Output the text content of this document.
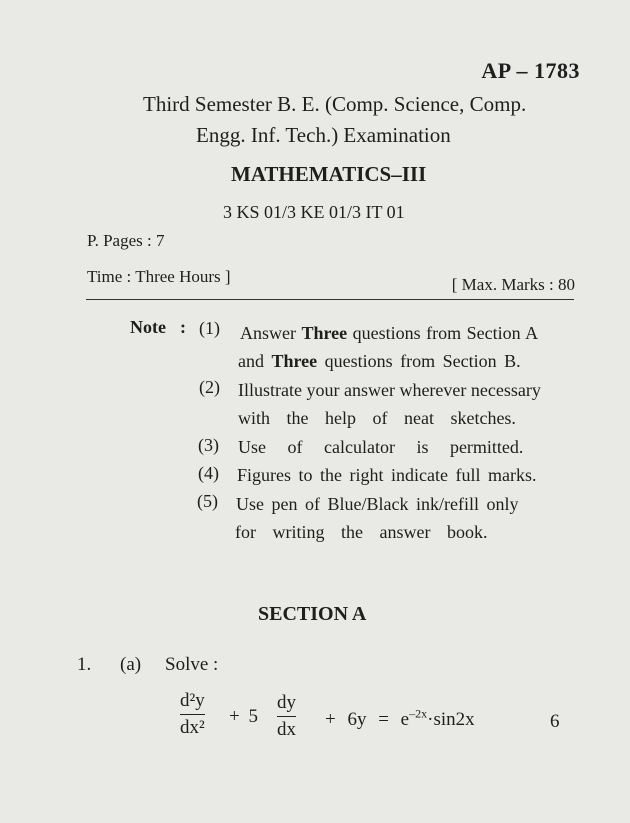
AP – 1783
Third Semester B. E. (Comp. Science, Comp.
Engg. Inf. Tech.) Examination
MATHEMATICS–III
3 KS 01/3 KE 01/3 IT 01
P. Pages : 7
Time : Three Hours ]	[ Max. Marks : 80
Note : (1) Answer Three questions from Section A
and Three questions from Section B.
(2) Illustrate your answer wherever necessary
with the help of neat sketches.
(3) Use of calculator is permitted.
(4) Figures to the right indicate full marks.
(5) Use pen of Blue/Black ink/refill only
for writing the answer book.
SECTION A
1. (a) Solve :
d²y
dx²
+ 5
dy
dx + $6y = e^{-2x}\cdot\sin 2x$	6
